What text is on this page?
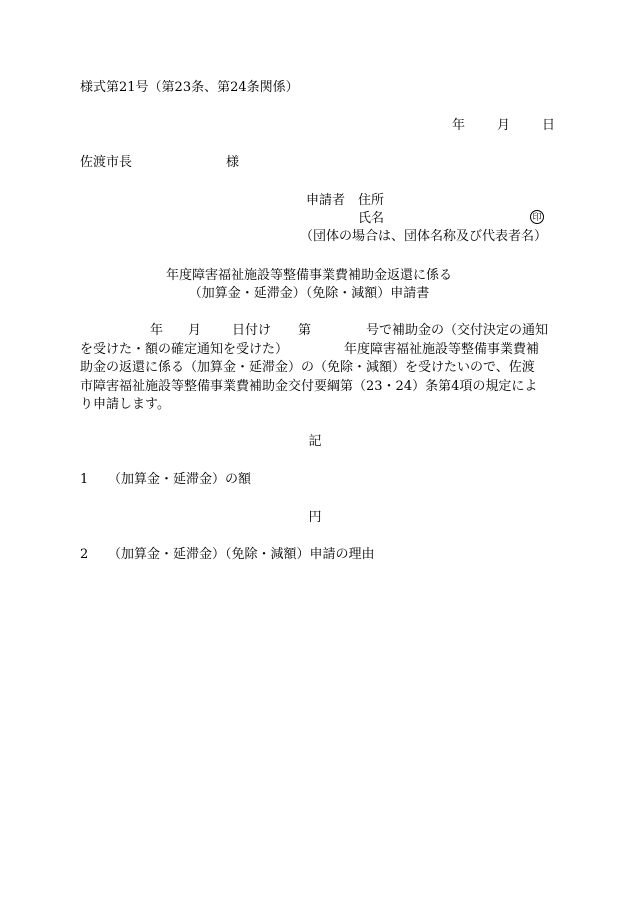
様式第21号（第23条、第24条関係）
年 月 日
佐渡市長	様
申請者 住所
氏名	印
（団体の場合は、団体名称及び代表者名）
年度障害福祉施設等整備事業費補助金返還に係る
（加算金・延滞金）（免除・減額）申請書
年 月 日付け 第	号で補助金の（交付決定の通知
を受けた・額の確定通知を受けた）	年度障害福祉施設等整備事業費補
助金の返還に係る（加算金・延滞金）の（免除・減額）を受けたいので、佐渡
市障害福祉施設等整備事業費補助金交付要綱第（23・24）条第4項の規定によ
り申請します。
記
1 （加算金・延滞金）の額
円
2 （加算金・延滞金）（免除・減額）申請の理由
